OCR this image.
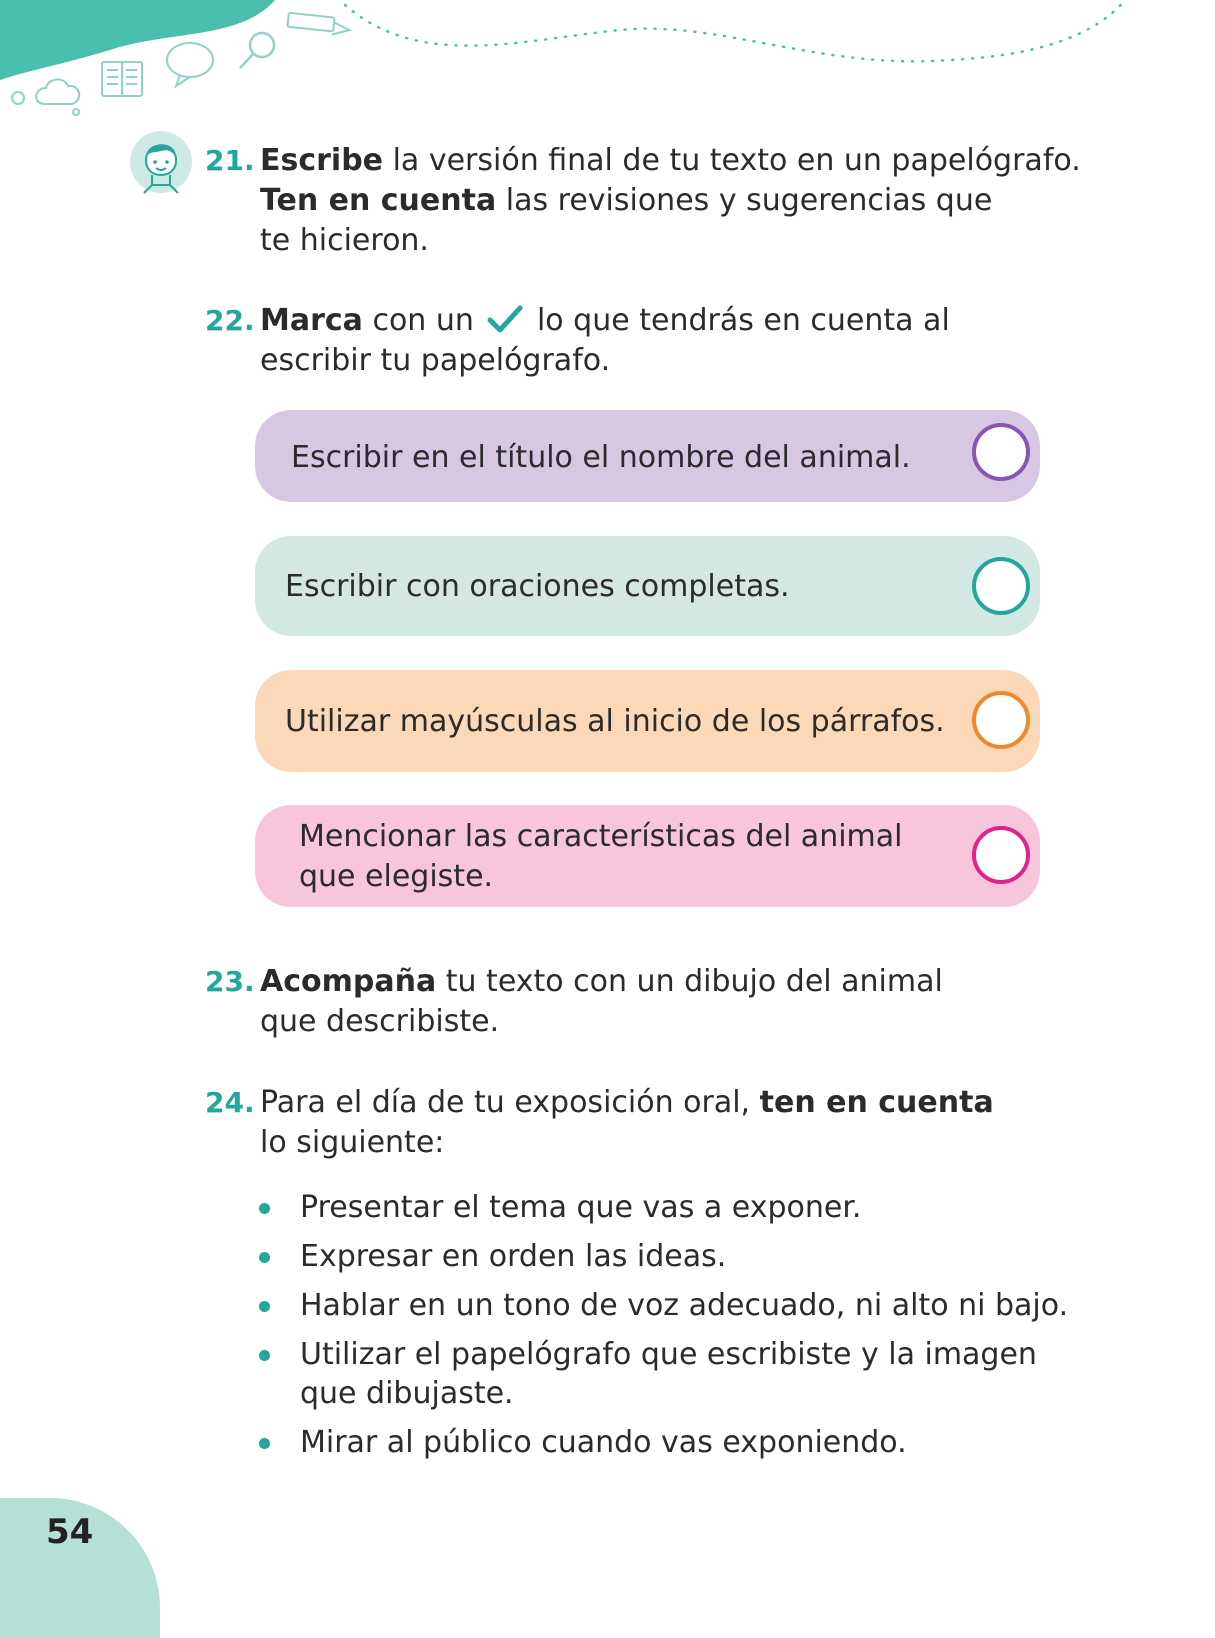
21. Escribe la versión final de tu texto en un papelógrafo.
Ten en cuenta las revisiones y sugerencias que
te hicieron.
22. Marca con un  lo que tendrás en cuenta al
escribir tu papelógrafo.
Escribir en el título el nombre del animal.
Escribir con oraciones completas.
Utilizar mayúsculas al inicio de los párrafos.
Mencionar las características del animal
que elegiste.
23. Acompaña tu texto con un dibujo del animal
que describiste.
24. Para el día de tu exposición oral, ten en cuenta
lo siguiente:
Presentar el tema que vas a exponer.
Expresar en orden las ideas.
Hablar en un tono de voz adecuado, ni alto ni bajo.
Utilizar el papelógrafo que escribiste y la imagen
que dibujaste.
Mirar al público cuando vas exponiendo.
54
